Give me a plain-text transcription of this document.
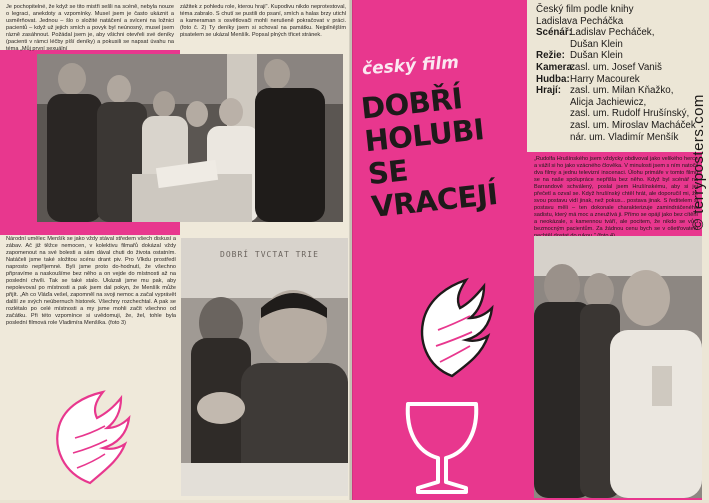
Je pochopitelné, že když se tito mistři sešli na scéně, nebyla nouze o legraci, anekdoty a vzpomínky. Musel jsem je často ukáznit a usměrňovat. Jednou – šlo o složité natáčení a svíceni na ložnici pacientů – když už jejich smích a povyk byl neúnosný, musel jsem rázně zasáhnout. Požádal jsem je, aby všichni otevřeli své deníky (pacienti v rámci léčby píší deníky) a pokusili se napsat úvahu na téma „Můj první sexuální

zážitek z pohledu role, kterou hraji". Kupodivu nikdo neprotestoval, téma zabralo. S chutí se pustili do psaní, smích a halas brzy utichl a kameraman s osvětlovači mohli nerušeně pokračovat v práci. (foto č. 2) Ty deníky jsem si schoval na památku. Nejpilnějším pisatelem se ukázal Menšík. Popsal plných třicet stránek.

Národní umělec Menšík se jako vždy stával středem všech diskusí a zábav. Ač již těžce nemocen, v kolektivu filmařů dokázal vždy zapomenout na své bolesti a sám dával chuti do života ostatním. Natáčeli jsme také složitou scénu drant piv. Pro Vlkdu prostředí naprosto nepříjemné. Byli jsme proto do-hodnutí, že všechno připravíme a naskoušíme bez něho a on vejde do místnosti až na poslední chvíli. Tak se také stalo. Ukázali jsme mu pak, aby nepolevoval po místnosti a pak jsem dal pokyn, že Menšík může přijít. „Ah co Vláďa vešel, zapomněl na svoji nemoc a začal vyprávět další ze svých neúbernuch historek. Všechny rozchechtal. A pak se rozlétalo po celé místnosti a my jsme mohli začít všechno od začátku. Při této vzpomínce si uvědomuji, že, žel, tohle byla poslední filmová role Vladimíra Menšíka. (foto 3)

DOBRÍ TVCTAT TRIE
český film
DOBŘÍ
HOLUBI
SE VRACEJÍ
Český film podle knihy
Ladislava Pecháčka
Scénář:
Ladislav Pecháček,
Dušan Klein
Režie: Dušan Klein
Kamera:
zasl. um. Josef Vaniš
Hudba: Harry Macourek
Hrají: zasl. um. Milan Kňažko,
Alicja Jachiewicz,
zasl. um. Rudolf Hrušínský,
zasl. um. Miroslav Macháček
nár. um. Vladimír Menšík

„Rudolfa Hrušínského jsem vždycky obdivoval jako velikého herce a vážil si ho jako vzácného člověka. V minulosti jsem s ním natočil dva filmy a jednu televizní inscenaci. Úlohu primáře v tomto filmu se na naše spolupráce nepřišla bez něho. Když byl scénář na Barrandově schválený, poslal jsem Hrušínskému, aby si jej přečetl a ozval se. Když hrušínský chtěl hrát, ale doporučil mi, že svou postavu vidí jinak, než pokus... postava jinak. S ředitelem si postavu měli – ten dokonale charakterizuje zamindráčeného sadistu, který má moc a zneužívá ji. Přímo se opájí jako bez cítění a neokázale, s kamennou tváří, ale pocitem, že nikdo se vůči bezmocným pacientům. Za žádnou cenu bych se v ošetřovatelů

© terryposters.com
